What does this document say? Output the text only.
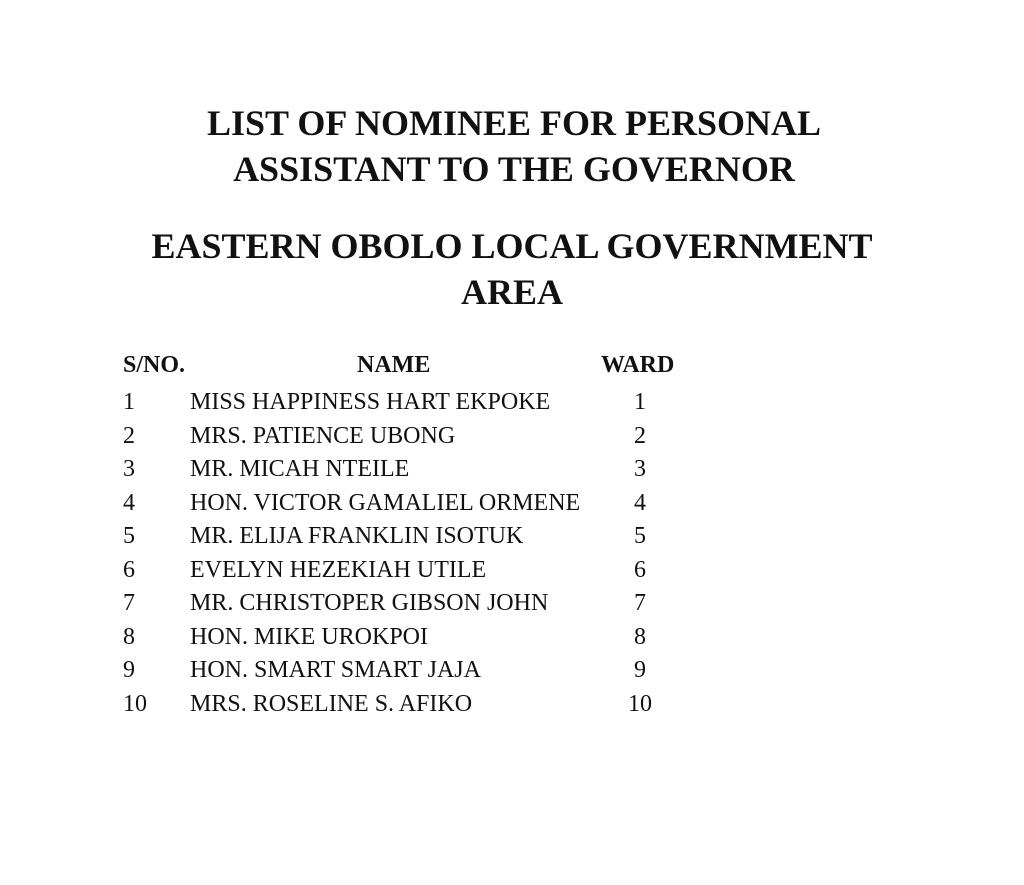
LIST OF NOMINEE FOR PERSONAL
ASSISTANT TO THE GOVERNOR
EASTERN OBOLO LOCAL GOVERNMENT
AREA
S/NO.	NAME	WARD
1 MISS HAPPINESS HART EKPOKE	1
2 MRS. PATIENCE UBONG	2
3 MR. MICAH NTEILE	3
4 HON. VICTOR GAMALIEL ORMENE	4
5 MR. ELIJA FRANKLIN ISOTUK	5
6 EVELYN HEZEKIAH UTILE	6
7 MR. CHRISTOPER GIBSON JOHN	7
8 HON. MIKE UROKPOI	8
9 HON. SMART SMART JAJA	9
10 MRS. ROSELINE S. AFIKO	10
